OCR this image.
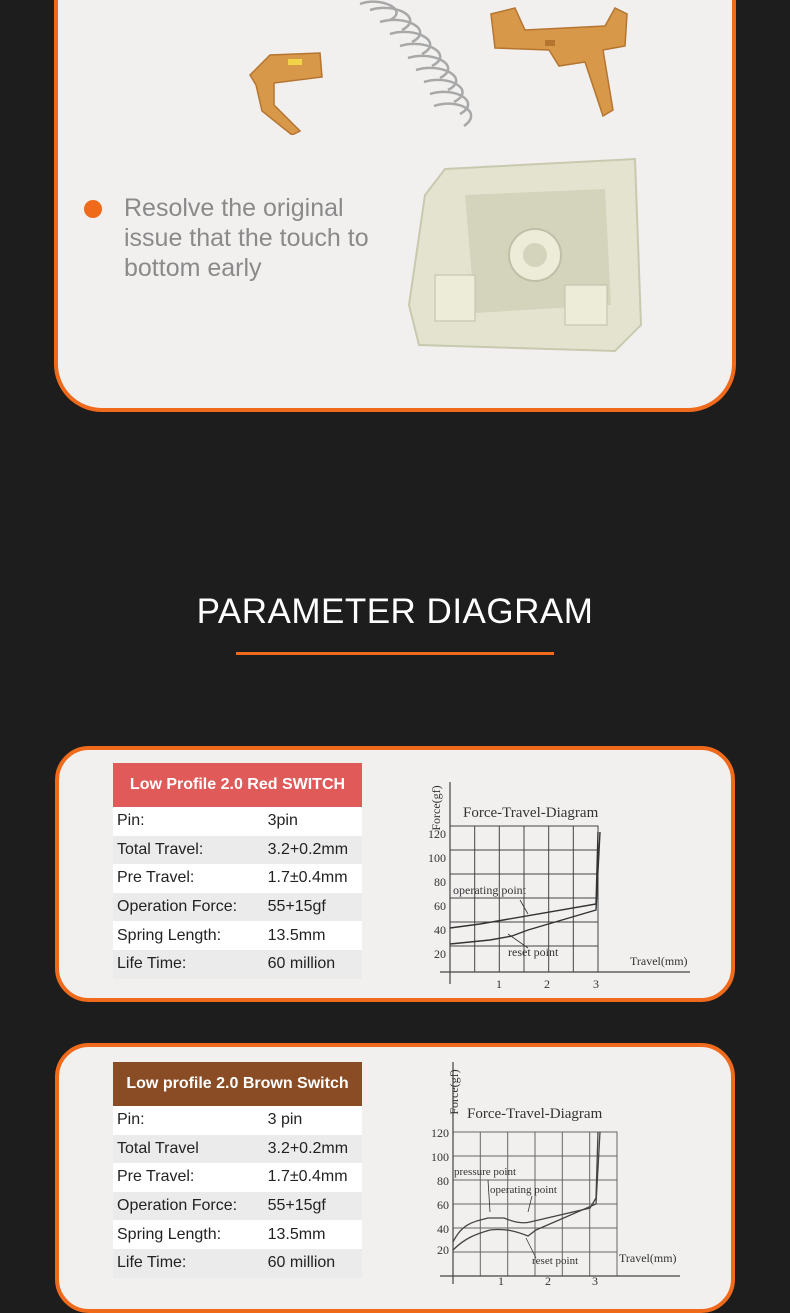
Resolve the original issue that the touch to bottom early
PARAMETER DIAGRAM
Low Profile 2.0 Red SWITCH	
Pin:	3pin
Total Travel:	3.2+0.2mm
Pre Travel:	1.7±0.4mm
Operation Force:	55+15gf
Spring Length:	13.5mm
Life Time:	60 million
Force(gf) Force-Travel-Diagram
120
100
80
60
40
20
1	2	3
Travel(mm)
operating point
reset point
Low profile 2.0 Brown Switch	
Pin:	3 pin
Total Travel	3.2+0.2mm
Pre Travel:	1.7±0.4mm
Operation Force:	55+15gf
Spring Length:	13.5mm
Life Time:	60 million
Force(gf) Force-Travel-Diagram
120
100
80
60
40
20
1	2	3
Travel(mm)
pressure point
operating point
reset point
